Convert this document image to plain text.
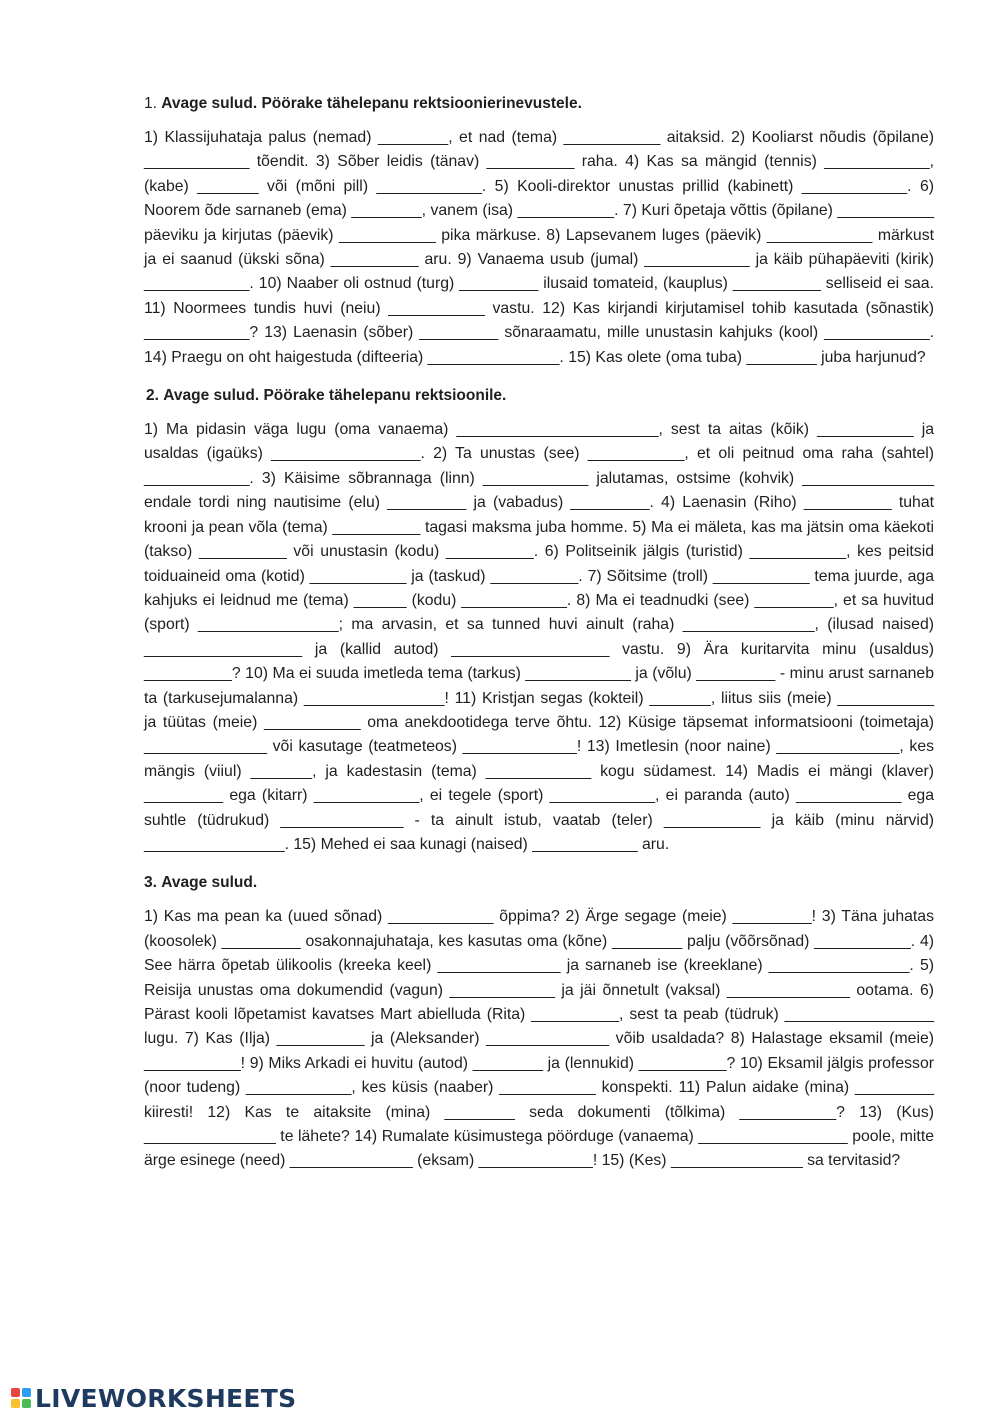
1. Avage sulud. Pöörake tähelepanu rektsioonierinevustele.

1) Klassijuhataja palus (nemad) ________, et nad (tema) ___________ aitaksid. 2) Kooliarst nõudis (õpilane) ____________ tõendit. 3) Sõber leidis (tänav) __________ raha. 4) Kas sa mängid (tennis) ____________, (kabe) _______ või (mõni pill) ____________. 5) Kooli-direktor unustas prillid (kabinett) ____________. 6) Noorem õde sarnaneb (ema) ________, vanem (isa) ___________. 7) Kuri õpetaja võttis (õpilane) ___________ päeviku ja kirjutas (päevik) ___________ pika märkuse. 8) Lapsevanem luges (päevik) ____________ märkust ja ei saanud (ükski sõna) __________ aru. 9) Vanaema usub (jumal) ____________ ja käib pühapäeviti (kirik) ____________. 10) Naaber oli ostnud (turg) _________ ilusaid tomateid, (kauplus) __________ selliseid ei saa. 11) Noormees tundis huvi (neiu) ___________ vastu. 12) Kas kirjandi kirjutamisel tohib kasutada (sõnastik) ____________? 13) Laenasin (sõber) _________ sõnaraamatu, mille unustasin kahjuks (kool) ____________. 14) Praegu on oht haigestuda (difteeria) _______________. 15) Kas olete (oma tuba) ________ juba harjunud?

2. Avage sulud. Pöörake tähelepanu rektsioonile.

1) Ma pidasin väga lugu (oma vanaema) _______________________, sest ta aitas (kõik) ___________ ja usaldas (igaüks) _________________. 2) Ta unustas (see) ___________, et oli peitnud oma raha (sahtel) ____________. 3) Käisime sõbrannaga (linn) ____________ jalutamas, ostsime (kohvik) _______________ endale tordi ning nautisime (elu) _________ ja (vabadus) _________. 4) Laenasin (Riho) __________ tuhat krooni ja pean võla (tema) __________ tagasi maksma juba homme. 5) Ma ei mäleta, kas ma jätsin oma käekoti (takso) __________ või unustasin (kodu) __________. 6) Politseinik jälgis (turistid) ___________, kes peitsid toiduaineid oma (kotid) ___________ ja (taskud) __________. 7) Sõitsime (troll) ___________ tema juurde, aga kahjuks ei leidnud me (tema) ______ (kodu) ____________. 8) Ma ei teadnudki (see) _________, et sa huvitud (sport) ________________; ma arvasin, et sa tunned huvi ainult (raha) _______________, (ilusad naised) __________________ ja (kallid autod) __________________ vastu. 9) Ära kuritarvita minu (usaldus) __________? 10) Ma ei suuda imetleda tema (tarkus) ____________ ja (võlu) _________ - minu arust sarnaneb ta (tarkusejumalanna) ________________! 11) Kristjan segas (kokteil) _______, liitus siis (meie) ___________ ja tüütas (meie) ___________ oma anekdootidega terve õhtu. 12) Küsige täpsemat informatsiooni (toimetaja) ______________ või kasutage (teatmeteos) _____________! 13) Imetlesin (noor naine) ______________, kes mängis (viiul) _______, ja kadestasin (tema) ____________ kogu südamest. 14) Madis ei mängi (klaver) _________ ega (kitarr) ____________, ei tegele (sport) ____________, ei paranda (auto) ____________ ega suhtle (tüdrukud) ______________ - ta ainult istub, vaatab (teler) ___________ ja käib (minu närvid) ________________. 15) Mehed ei saa kunagi (naised) ____________ aru.

3. Avage sulud.

1) Kas ma pean ka (uued sõnad) ____________ õppima? 2) Ärge segage (meie) _________! 3) Täna juhatas (koosolek) _________ osakonnajuhataja, kes kasutas oma (kõne) ________ palju (võõrsõnad) ___________. 4) See härra õpetab ülikoolis (kreeka keel) ______________ ja sarnaneb ise (kreeklane) ________________. 5) Reisija unustas oma dokumendid (vagun) ____________ ja jäi õnnetult (vaksal) ______________ ootama. 6) Pärast kooli lõpetamist kavatses Mart abielluda (Rita) __________, sest ta peab (tüdruk) _________________ lugu. 7) Kas (Ilja) __________ ja (Aleksander) ______________ võib usaldada? 8) Halastage eksamil (meie) ___________! 9) Miks Arkadi ei huvitu (autod) ________ ja (lennukid) __________? 10) Eksamil jälgis professor (noor tudeng) ____________, kes küsis (naaber) ___________ konspekti. 11) Palun aidake (mina) _________ kiiresti! 12) Kas te aitaksite (mina) ________ seda dokumenti (tõlkima) ___________? 13) (Kus) _______________ te lähete? 14) Rumalate küsimustega pöörduge (vanaema) _________________ poole, mitte ärge esinege (need) ______________ (eksam) _____________! 15) (Kes) _______________ sa tervitasid?

LIVEWORKSHEETS
